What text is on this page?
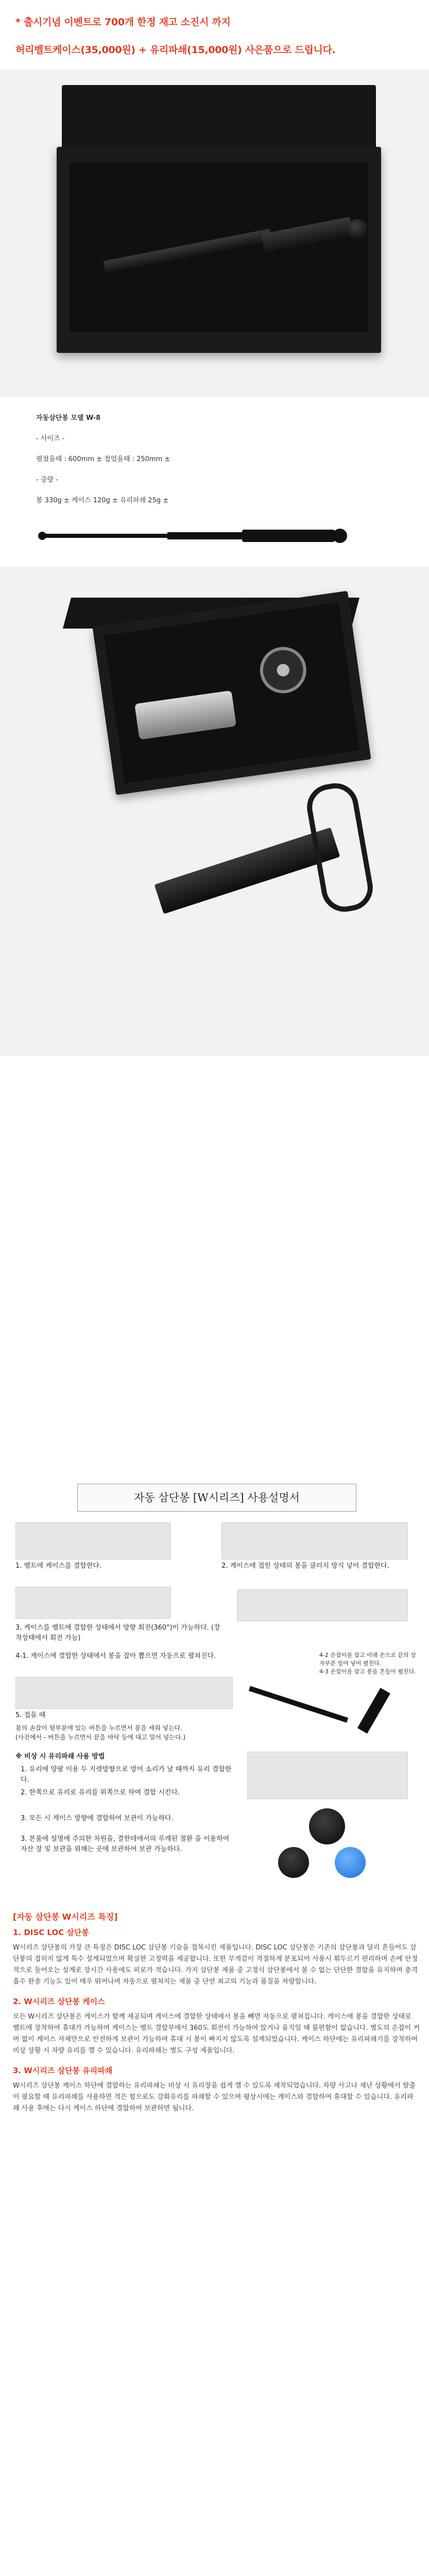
* 출시기념 이벤트로 700개 한정 재고 소진시 까지
허리벨트케이스(35,000원) + 유리파쇄(15,000원) 사은품으로 드립니다.
자동삼단봉 모델 W-8
- 사이즈 -
펼쳤을때 : 600mm ± 접었을때 : 250mm ±
- 중량 -
봉 330g ± 케이스 120g ± 유리파쇄 25g ±
자동 삼단봉 [W시리즈] 사용설명서
1. 벨트에 케이스를 결합한다.	2. 케이스에 접힌 상태의 봉을 클러치 방식 넣어 결합한다.
3. 케이스를 벨트에 결합한 상태에서 방향 회전(360°)이 가능하다. (장착상태에서 회전 가능)
4-1. 케이스에 결합한 상태에서 봉을 잡아 뽑으면 자동으로 펼쳐진다.	4-2 손잡이를 잡고 아래 손으로 끝의 상자부분 밀어 넣어 펼친다.
4-3 손잡이를 잡고 봉을 흔들어 펼친다.
5. 접을 때
봉의 손잡이 뒷부분에 있는 버튼을 누르면서 봉을 세워 넣는다.
(사진에서 - 버튼을 누르면서 끝을 바닥 등에 대고 밀어 넣는다.)
※ 비상 시 유리파쇄 사용 방법
1. 유리에 양팔 이용 두 지렛방향으로 방어 소리가 날 때까지 유리 결합한다.
2. 한쪽으로 유리로 유리를 위쪽으로 하여 결합 시킨다.
3. 모든 시 케이스 방향에 결합하여 보관이 가능하다.
3. 본품에 설명에 주의한 차원을, 결한테에서의 루캐된 절환 을 이용하여 자산 장 및 보관을 위해는 곳에 보관하여 보관 가능하다.
[자동 삼단봉 W시리즈 특징]
1. DISC LOC 삼단봉

W시리즈 삼단봉의 가장 큰 특징은 DISC LOC 삼단봉 기술을 접목시킨 제품입니다. DISC LOC 삼단봉은 기존의 삼단봉과 달리 흔들어도 삼단봉의 접히지 않게 특수 설계되었으며 확실한 고정력을 제공합니다. 또한 무게감이 적절하게 분포되어 사용시 휘두르기 편리하며 손에 안정적으로 들어오는 설계로 장시간 사용에도 피로가 적습니다. 가지 삼단봉 제품 중 고정식 삼단봉에서 볼 수 없는 단단한 결합을 유지하며 충격 흡수 완충 기능도 있어 매우 뛰어나며 자동으로 펼쳐지는 제품 중 단연 최고의 기능과 품질을 자랑합니다.

2. W시리즈 삼단봉 케이스

모든 W시리즈 삼단봉은 케이스가 함께 제공되며 케이스에 결합한 상태에서 봉을 빼면 자동으로 펼쳐집니다. 케이스에 봉을 결합한 상태로 벨트에 장착하여 휴대가 가능하며 케이스는 벨트 결합부에서 360도 회전이 가능하여 앉거나 움직일 때 불편함이 없습니다. 별도의 손잡이 커버 없이 케이스 자체만으로 안전하게 보관이 가능하며 휴대 시 봉이 빠지지 않도록 설계되었습니다. 케이스 하단에는 유리파쇄기를 장착하여 비상 상황 시 차량 유리를 깰 수 있습니다. 유리파쇄는 별도 구성 제품입니다.

3. W시리즈 삼단봉 유리파쇄

W시리즈 삼단봉 케이스 하단에 결합하는 유리파쇄는 비상 시 유리창을 쉽게 깰 수 있도록 제작되었습니다. 차량 사고나 재난 상황에서 탈출이 필요할 때 유리파쇄를 사용하면 적은 힘으로도 강화유리를 파쇄할 수 있으며 평상시에는 케이스와 결합하여 휴대할 수 있습니다. 유리파쇄 사용 후에는 다시 케이스 하단에 결합하여 보관하면 됩니다.
